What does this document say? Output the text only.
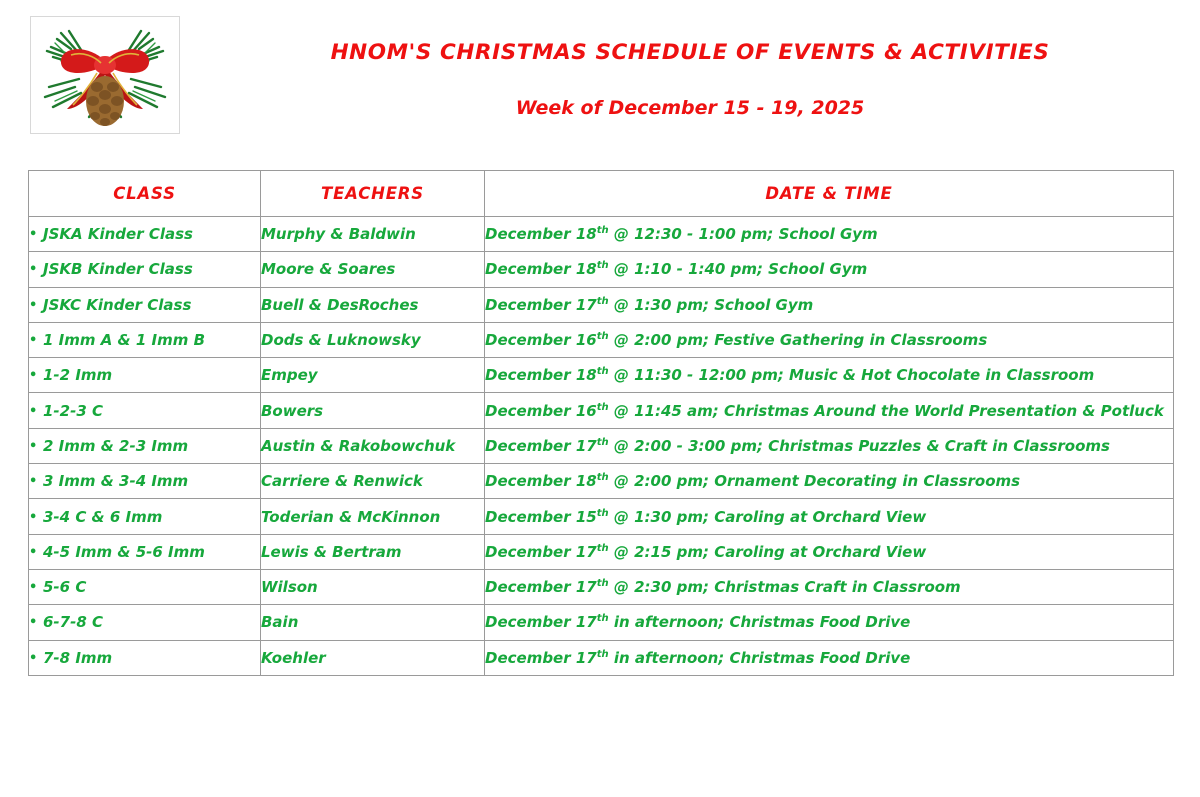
HNOM'S CHRISTMAS SCHEDULE OF EVENTS & ACTIVITIES
Week of December 15 - 19, 2025
CLASS	TEACHERS	DATE & TIME
• JSKA Kinder Class	Murphy & Baldwin	December 18th @ 12:30 - 1:00 pm; School Gym
• JSKB Kinder Class	Moore & Soares	December 18th @ 1:10 - 1:40 pm; School Gym
• JSKC Kinder Class	Buell & DesRoches	December 17th @ 1:30 pm; School Gym
• 1 Imm A & 1 Imm B	Dods & Luknowsky	December 16th @ 2:00 pm; Festive Gathering in Classrooms
• 1-2 Imm	Empey	December 18th @ 11:30 - 12:00 pm; Music & Hot Chocolate in Classroom
• 1-2-3 C	Bowers	December 16th @ 11:45 am; Christmas Around the World Presentation & Potluck
• 2 Imm & 2-3 Imm	Austin & Rakobowchuk	December 17th @ 2:00 - 3:00 pm; Christmas Puzzles & Craft in Classrooms
• 3 Imm & 3-4 Imm	Carriere & Renwick	December 18th @ 2:00 pm; Ornament Decorating in Classrooms
• 3-4 C & 6 Imm	Toderian & McKinnon	December 15th @ 1:30 pm; Caroling at Orchard View
• 4-5 Imm & 5-6 Imm	Lewis & Bertram	December 17th @ 2:15 pm; Caroling at Orchard View
• 5-6 C	Wilson	December 17th @ 2:30 pm; Christmas Craft in Classroom
• 6-7-8 C	Bain	December 17th in afternoon; Christmas Food Drive
• 7-8 Imm	Koehler	December 17th in afternoon; Christmas Food Drive
